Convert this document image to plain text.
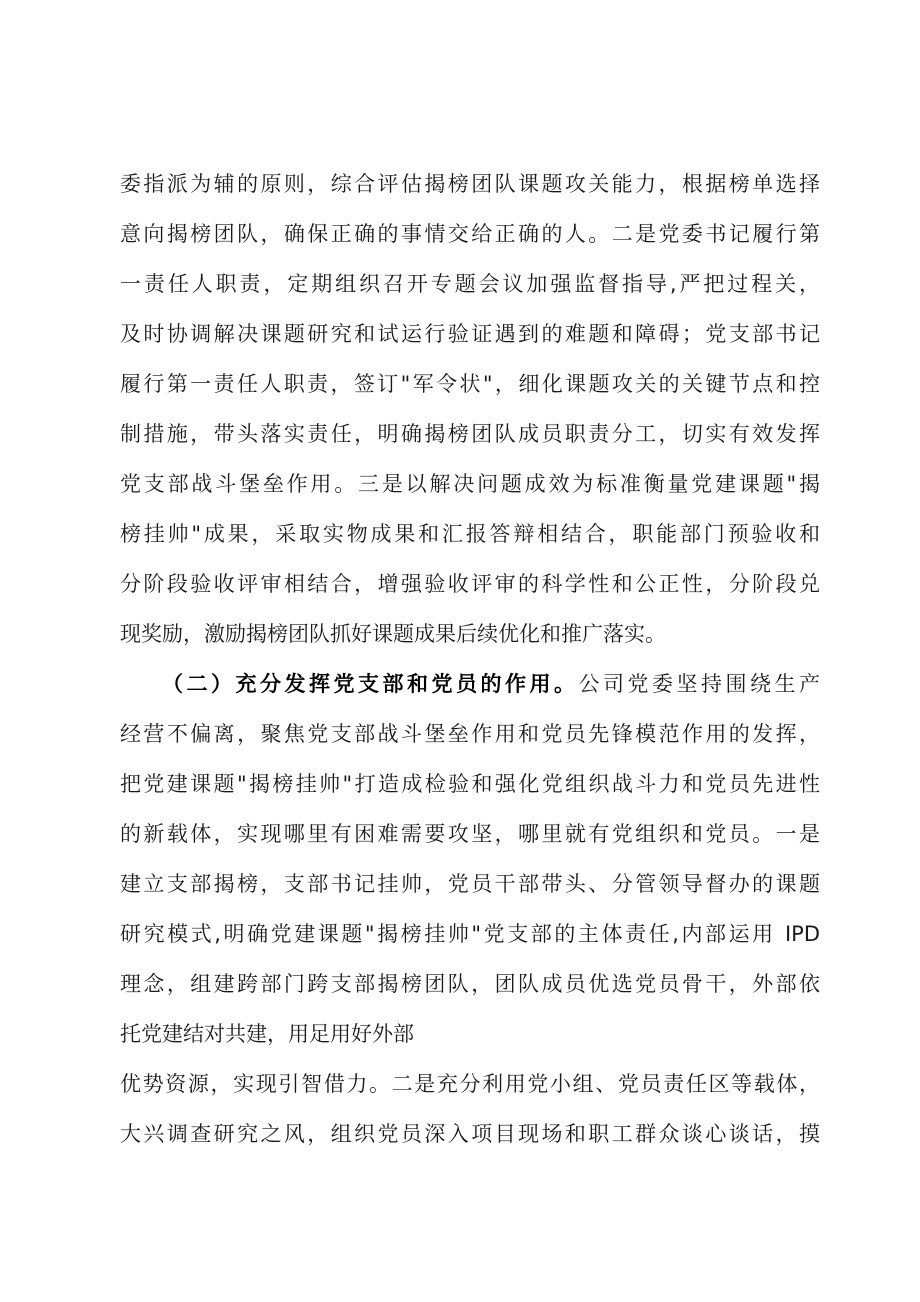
委指派为辅的原则，综合评估揭榜团队课题攻关能力，根据榜单选择
意向揭榜团队，确保正确的事情交给正确的人。二是党委书记履行第
一责任人职责，定期组织召开专题会议加强监督指导,严把过程关，
及时协调解决课题研究和试运行验证遇到的难题和障碍；党支部书记
履行第一责任人职责，签订"军令状"，细化课题攻关的关键节点和控
制措施，带头落实责任，明确揭榜团队成员职责分工，切实有效发挥
党支部战斗堡垒作用。三是以解决问题成效为标准衡量党建课题"揭
榜挂帅"成果，采取实物成果和汇报答辩相结合，职能部门预验收和
分阶段验收评审相结合，增强验收评审的科学性和公正性，分阶段兑
现奖励，激励揭榜团队抓好课题成果后续优化和推广落实。
（二）充分发挥党支部和党员的作用。公司党委坚持围绕生产
经营不偏离，聚焦党支部战斗堡垒作用和党员先锋模范作用的发挥，
把党建课题"揭榜挂帅"打造成检验和强化党组织战斗力和党员先进性
的新载体，实现哪里有困难需要攻坚，哪里就有党组织和党员。一是
建立支部揭榜，支部书记挂帅，党员干部带头、分管领导督办的课题
研究模式,明确党建课题"揭榜挂帅"党支部的主体责任,内部运用 IPD
理念，组建跨部门跨支部揭榜团队，团队成员优选党员骨干，外部依
托党建结对共建，用足用好外部
优势资源，实现引智借力。二是充分利用党小组、党员责任区等载体，
大兴调查研究之风，组织党员深入项目现场和职工群众谈心谈话，摸
